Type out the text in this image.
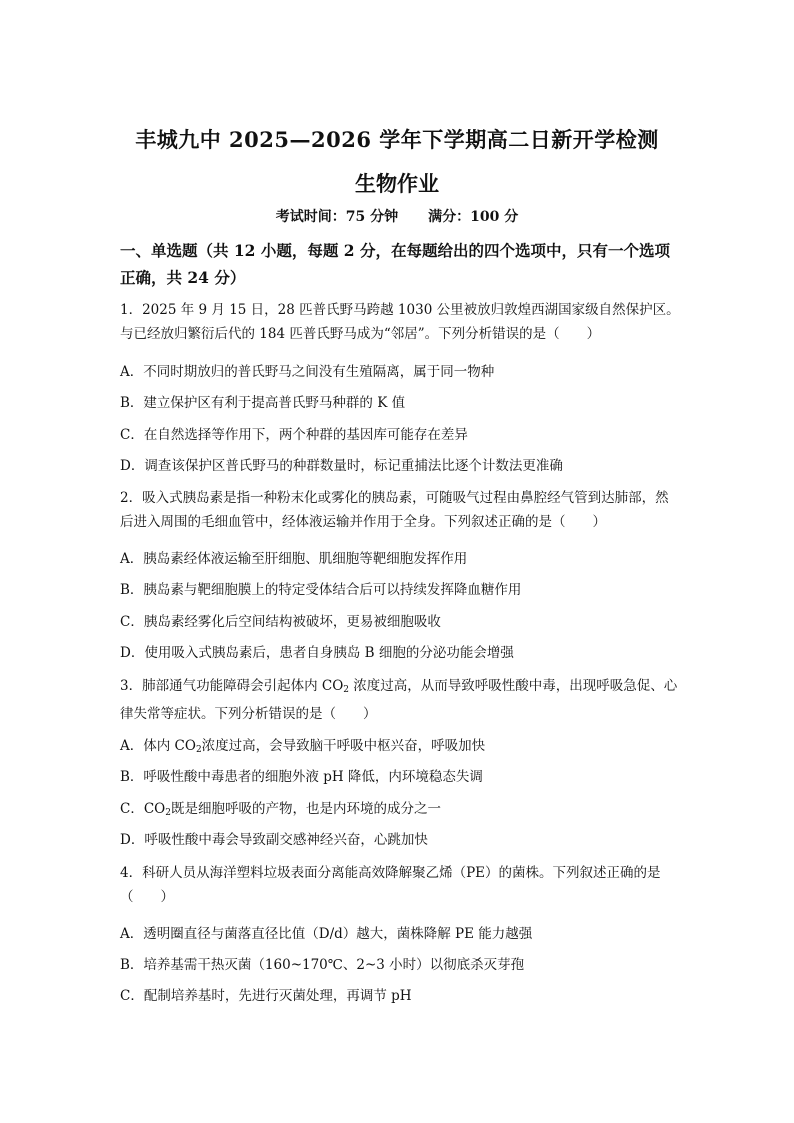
丰城九中 2025—2026 学年下学期高二日新开学检测
生物作业
考试时间：75 分钟 满分：100 分
一、单选题（共 12 小题，每题 2 分，在每题给出的四个选项中，只有一个选项正确，共 24 分）
1．2025 年 9 月 15 日，28 匹普氏野马跨越 1030 公里被放归敦煌西湖国家级自然保护区。与已经放归繁衍后代的 184 匹普氏野马成为“邻居”。下列分析错误的是（　　）
A．不同时期放归的普氏野马之间没有生殖隔离，属于同一物种
B．建立保护区有利于提高普氏野马种群的 K 值
C．在自然选择等作用下，两个种群的基因库可能存在差异
D．调查该保护区普氏野马的种群数量时，标记重捕法比逐个计数法更准确
2．吸入式胰岛素是指一种粉末化或雾化的胰岛素，可随吸气过程由鼻腔经气管到达肺部，然后进入周围的毛细血管中，经体液运输并作用于全身。下列叙述正确的是（　　）
A．胰岛素经体液运输至肝细胞、肌细胞等靶细胞发挥作用
B．胰岛素与靶细胞膜上的特定受体结合后可以持续发挥降血糖作用
C．胰岛素经雾化后空间结构被破坏，更易被细胞吸收
D．使用吸入式胰岛素后，患者自身胰岛 B 细胞的分泌功能会增强
3．肺部通气功能障碍会引起体内 $CO_2$ 浓度过高，从而导致呼吸性酸中毒，出现呼吸急促、心律失常等症状。下列分析错误的是（　　）
A．体内 $CO_2$浓度过高，会导致脑干呼吸中枢兴奋，呼吸加快
B．呼吸性酸中毒患者的细胞外液 pH 降低，内环境稳态失调
C．$CO_2$既是细胞呼吸的产物，也是内环境的成分之一
D．呼吸性酸中毒会导致副交感神经兴奋，心跳加快
4．科研人员从海洋塑料垃圾表面分离能高效降解聚乙烯（PE）的菌株。下列叙述正确的是（　　）
A．透明圈直径与菌落直径比值（D/d）越大，菌株降解 PE 能力越强
B．培养基需干热灭菌（160~170℃、2~3 小时）以彻底杀灭芽孢
C．配制培养基时，先进行灭菌处理，再调节 pH
